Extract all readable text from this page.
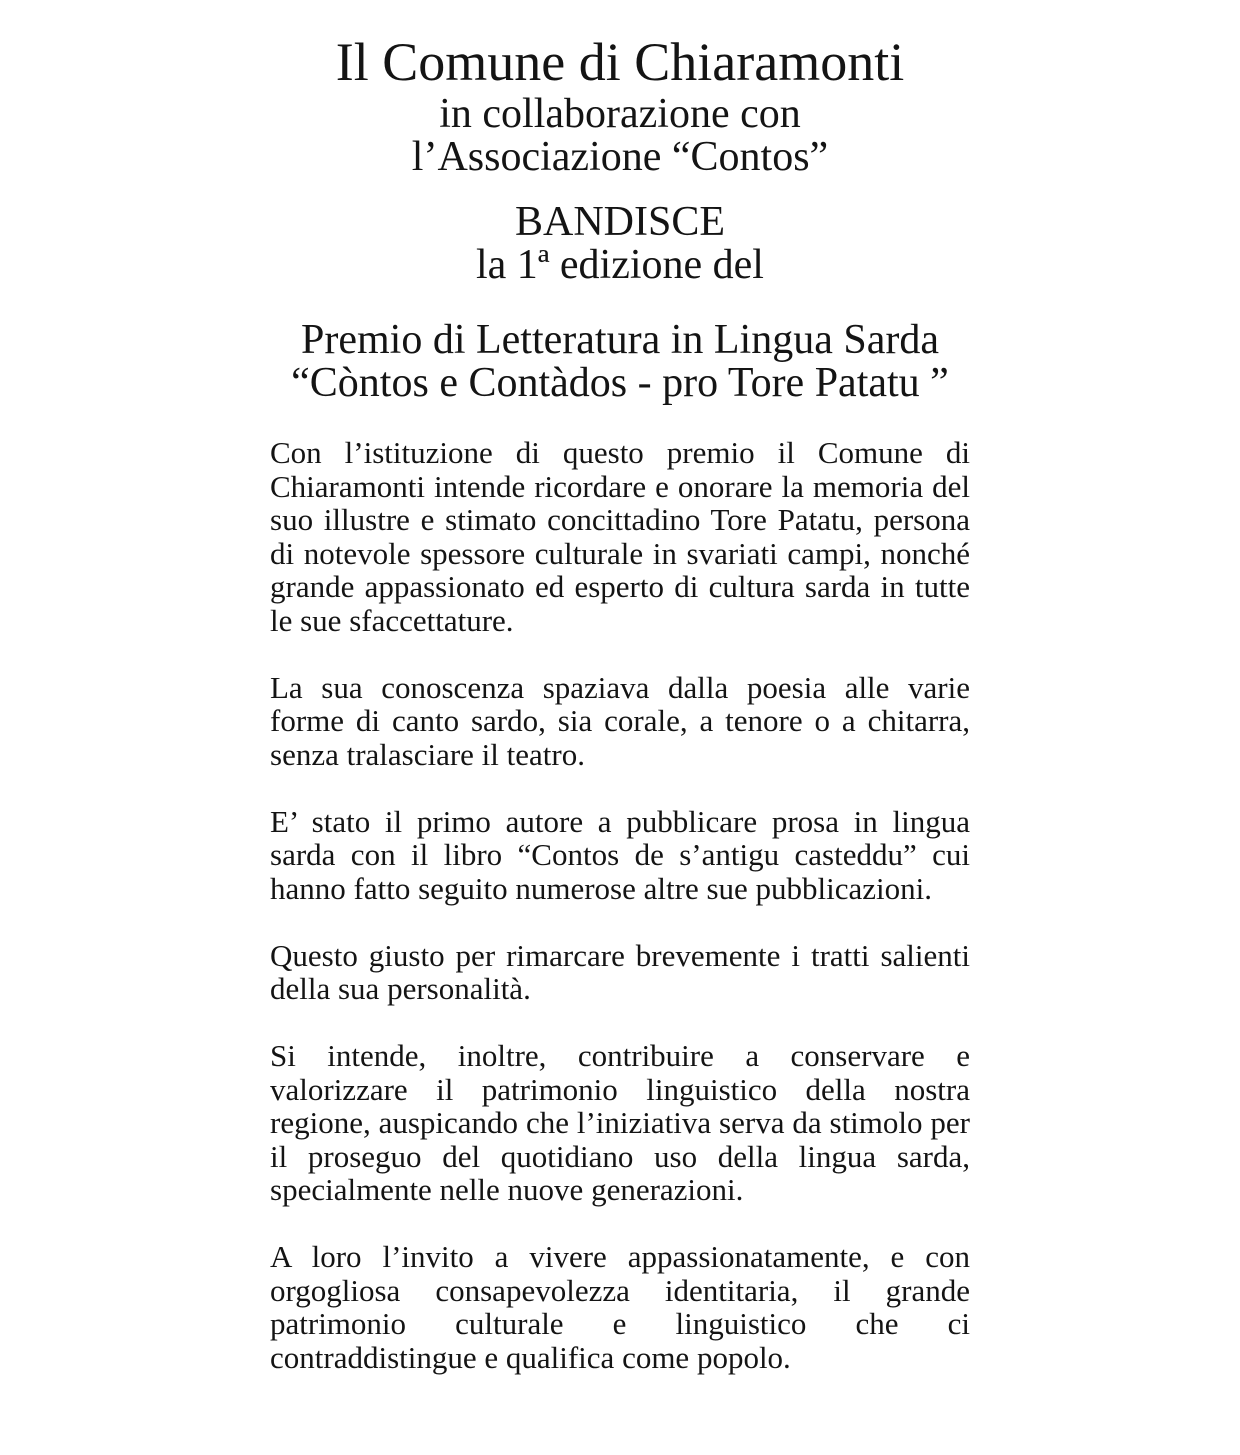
Il Comune di Chiaramonti
in collaborazione con
l’Associazione “Contos”
BANDISCE
la 1ª edizione del
Premio di Letteratura in Lingua Sarda
“Còntos e Contàdos - pro Tore Patatu ”

Con l’istituzione di questo premio il Comune di Chiaramonti intende ricordare e onorare la memoria del suo illustre e stimato concittadino Tore Patatu, persona di notevole spessore culturale in svariati campi, nonché grande appassionato ed esperto di cultura sarda in tutte le sue sfaccettature.

La sua conoscenza spaziava dalla poesia alle varie forme di canto sardo, sia corale, a tenore o a chitarra, senza tralasciare il teatro.

E’ stato il primo autore a pubblicare prosa in lingua sarda con il libro “Contos de s’antigu casteddu” cui hanno fatto seguito numerose altre sue pubblicazioni.

Questo giusto per rimarcare brevemente i tratti salienti della sua personalità.

Si intende, inoltre, contribuire a conservare e valorizzare il patrimonio linguistico della nostra regione, auspicando che l’iniziativa serva da stimolo per il proseguo del quotidiano uso della lingua sarda, specialmente nelle nuove generazioni.

A loro l’invito a vivere appassionatamente, e con orgogliosa consapevolezza identitaria, il grande patrimonio culturale e linguistico che ci contraddistingue e qualifica come popolo.
